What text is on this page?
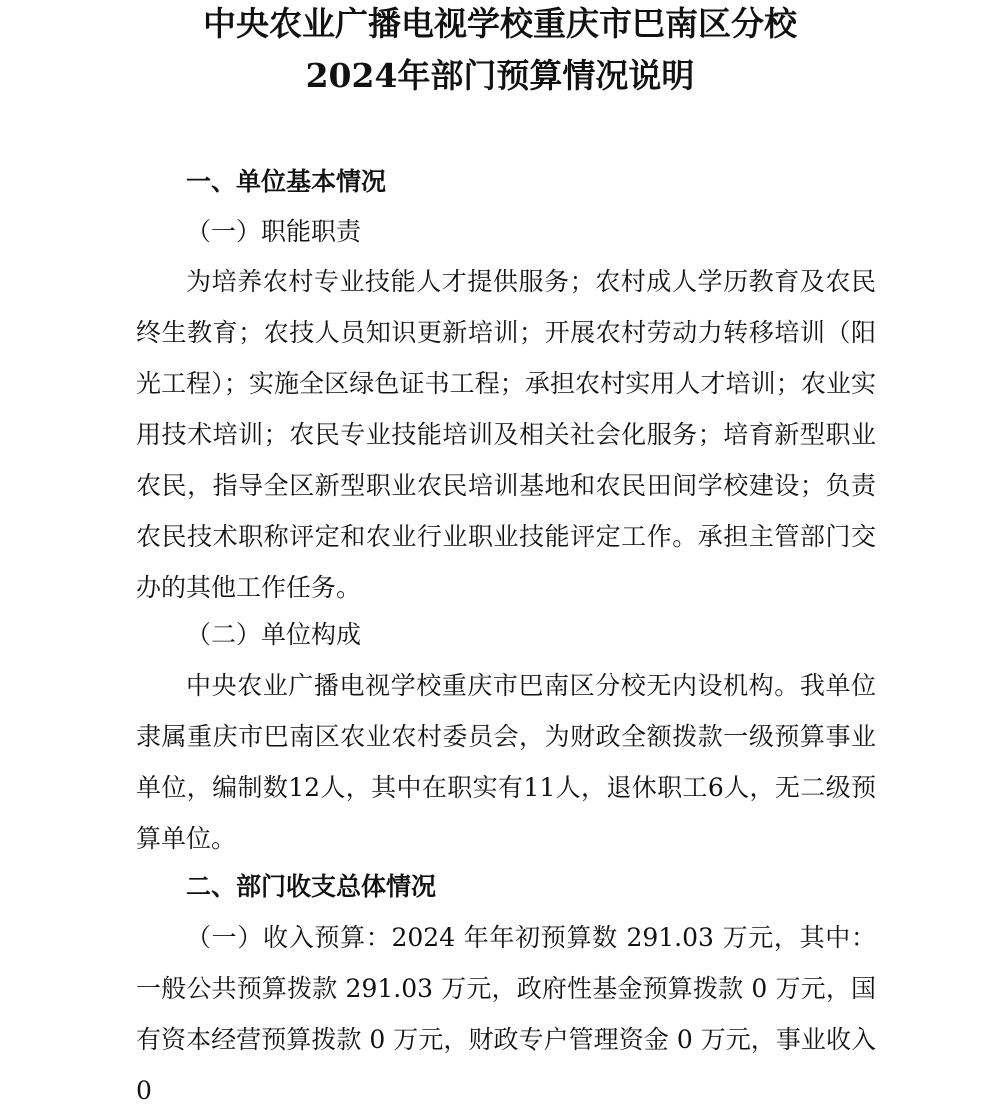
中央农业广播电视学校重庆市巴南区分校
2024年部门预算情况说明

一、单位基本情况

（一）职能职责

为培养农村专业技能人才提供服务；农村成人学历教育及农民终生教育；农技人员知识更新培训；开展农村劳动力转移培训（阳光工程）；实施全区绿色证书工程；承担农村实用人才培训；农业实用技术培训；农民专业技能培训及相关社会化服务；培育新型职业农民，指导全区新型职业农民培训基地和农民田间学校建设；负责农民技术职称评定和农业行业职业技能评定工作。承担主管部门交办的其他工作任务。

（二）单位构成

中央农业广播电视学校重庆市巴南区分校无内设机构。我单位隶属重庆市巴南区农业农村委员会，为财政全额拨款一级预算事业单位，编制数12人，其中在职实有11人，退休职工6人，无二级预算单位。

二、部门收支总体情况

（一）收入预算：2024 年年初预算数 291.03 万元，其中：一般公共预算拨款 291.03 万元，政府性基金预算拨款 0 万元，国有资本经营预算拨款 0 万元，财政专户管理资金 0 万元，事业收入 0
